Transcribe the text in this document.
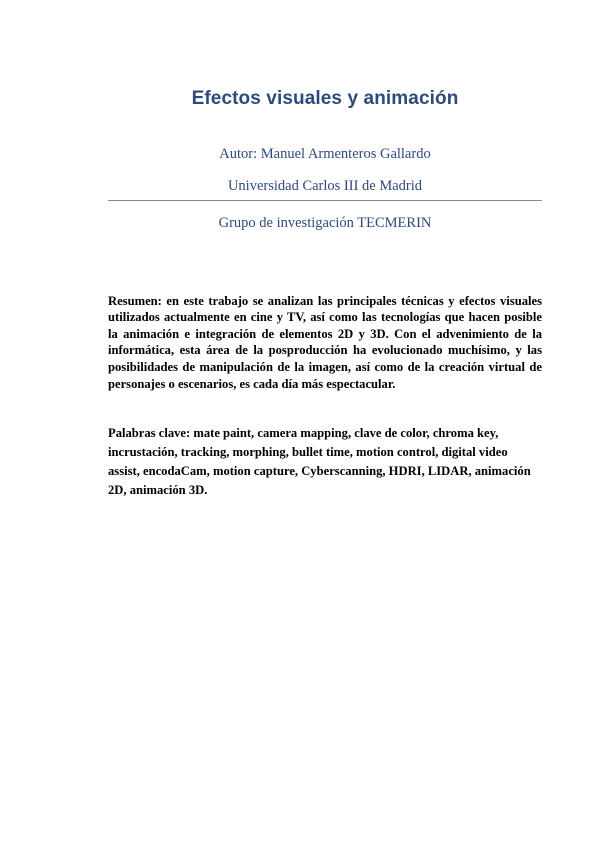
Efectos visuales y animación
Autor: Manuel Armenteros Gallardo
Universidad Carlos III de Madrid
Grupo de investigación TECMERIN

Resumen: en este trabajo se analizan las principales técnicas y efectos visuales utilizados actualmente en cine y TV, así como las tecnologías que hacen posible la animación e integración de elementos 2D y 3D. Con el advenimiento de la informática, esta área de la posproducción ha evolucionado muchísimo, y las posibilidades de manipulación de la imagen, así como de la creación virtual de personajes o escenarios, es cada día más espectacular.

Palabras clave: mate paint, camera mapping, clave de color, chroma key, incrustación, tracking, morphing, bullet time, motion control, digital video assist, encodaCam, motion capture, Cyberscanning, HDRI, LIDAR, animación 2D, animación 3D.
